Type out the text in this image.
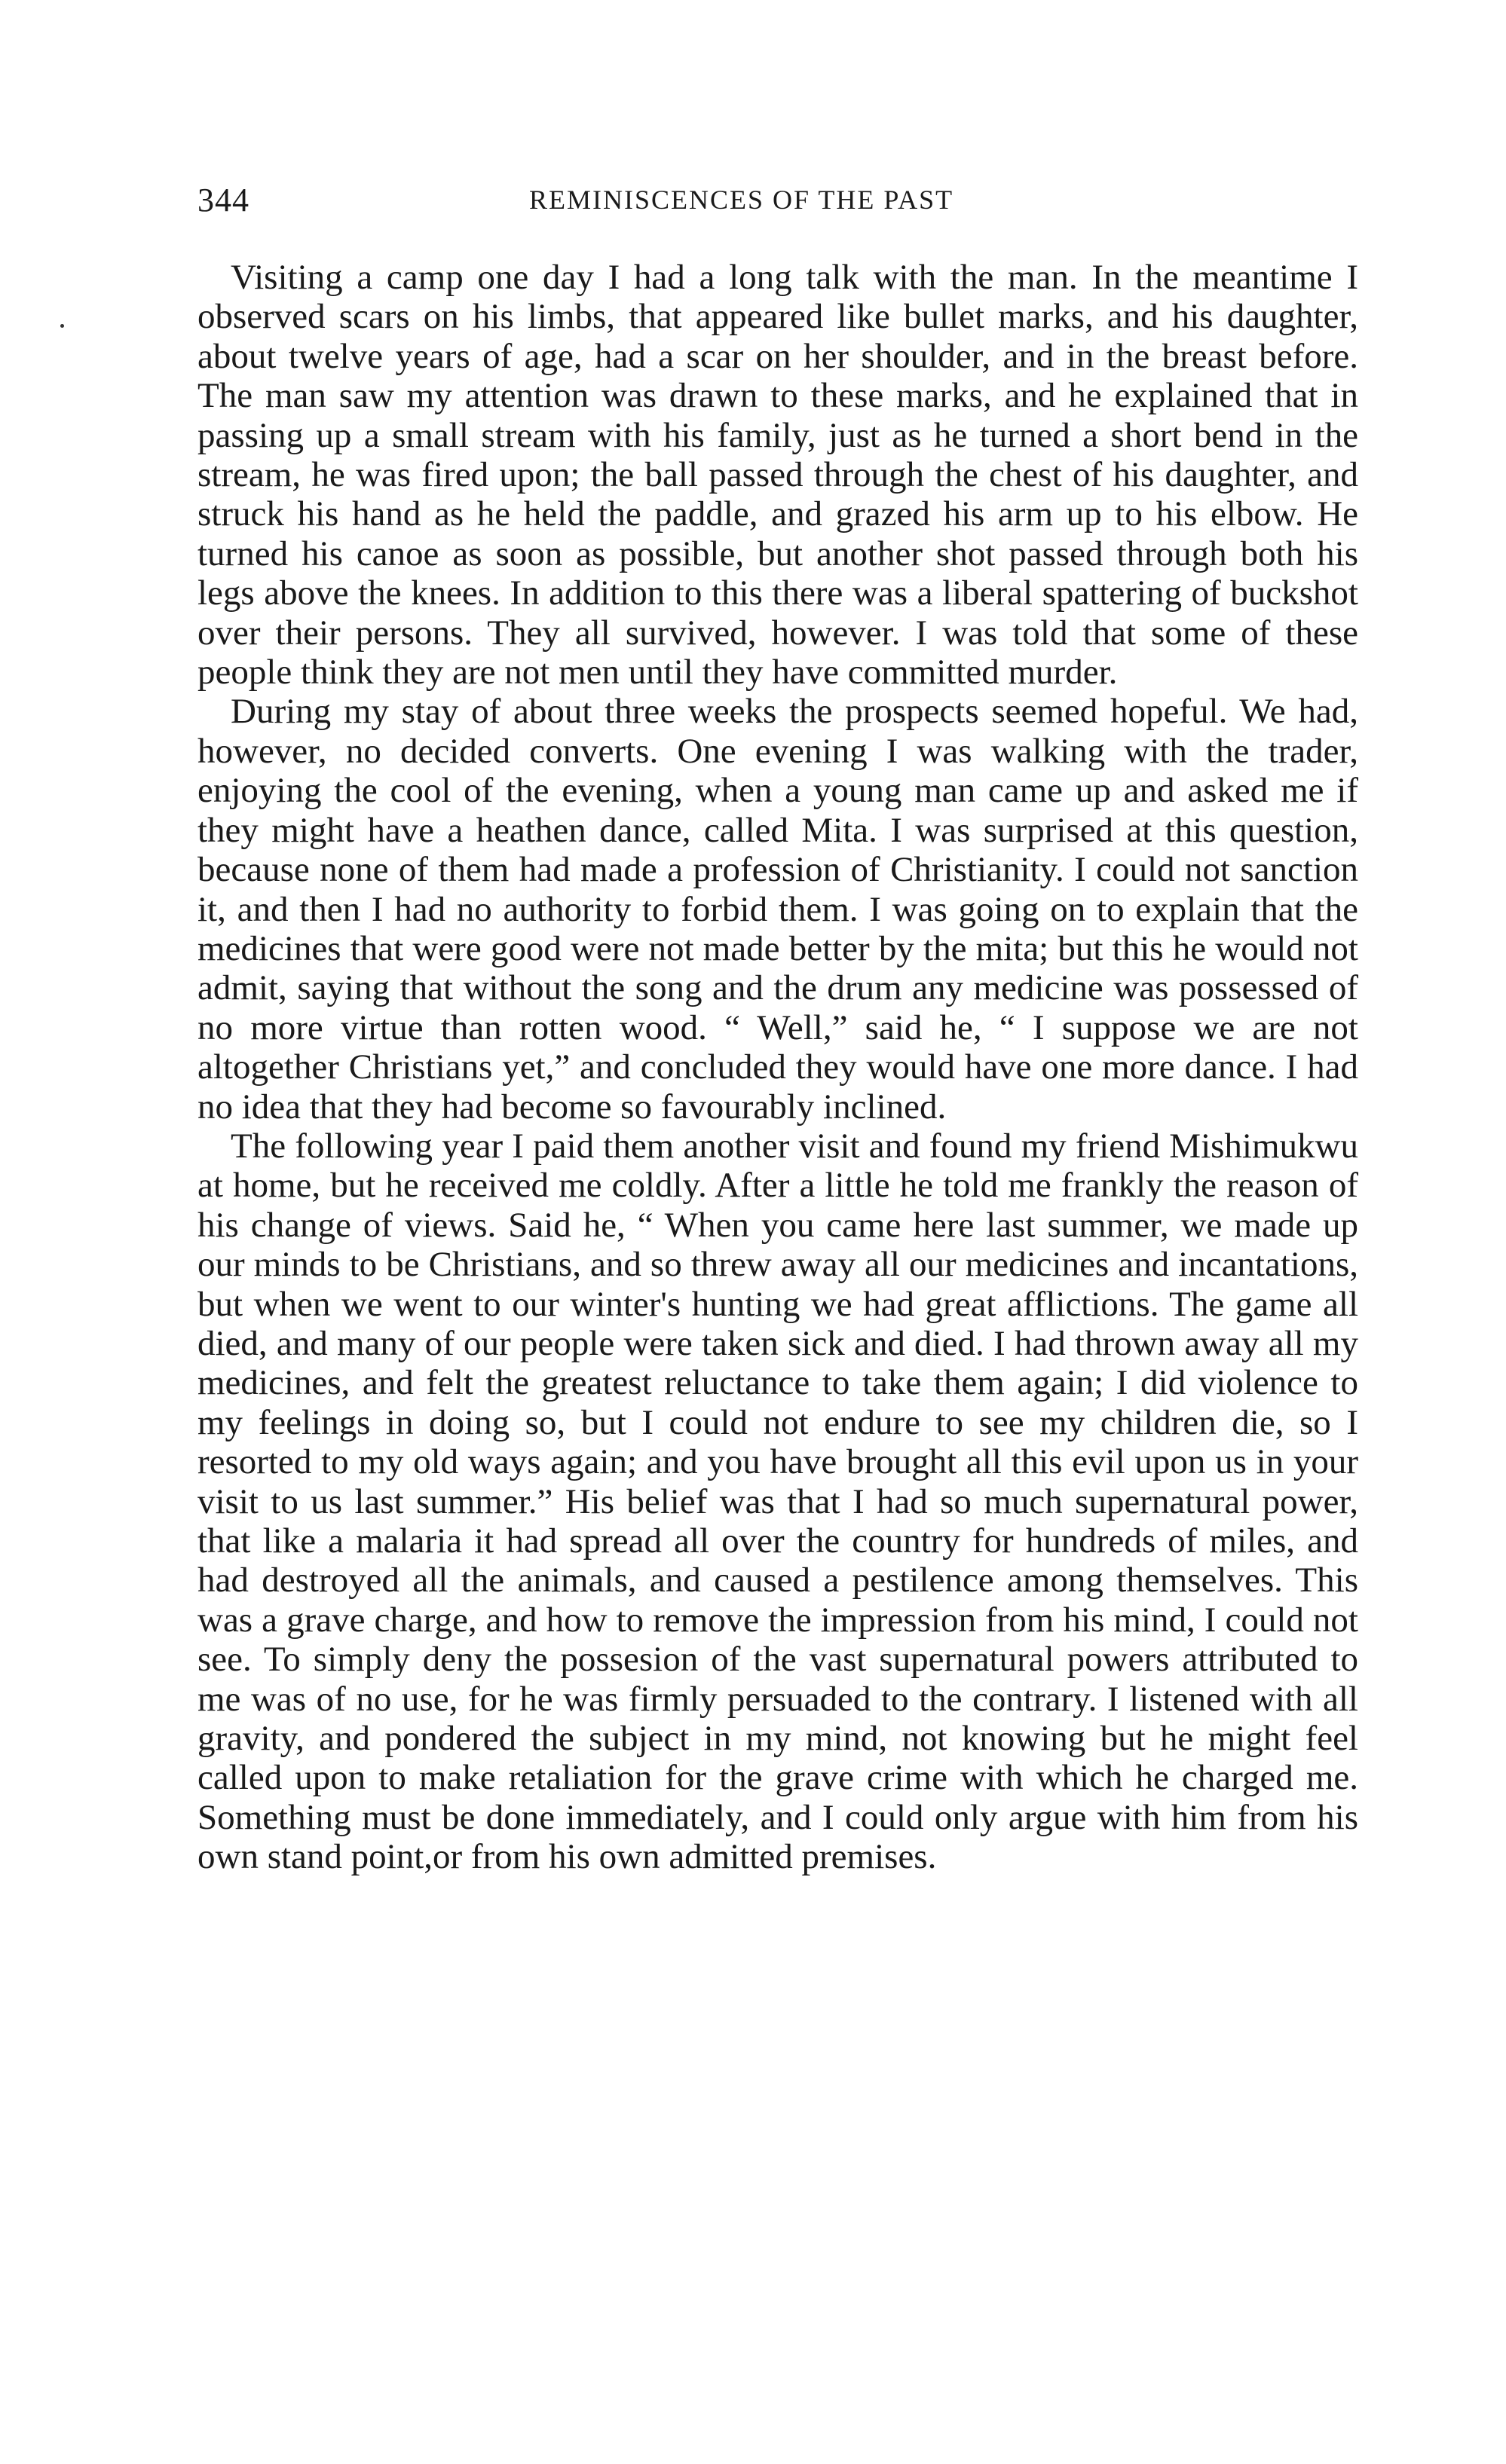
344	REMINISCENCES OF THE PAST

Visiting a camp one day I had a long talk with the man. In the meantime I observed scars on his limbs, that appeared like bullet marks, and his daughter, about twelve years of age, had a scar on her shoulder, and in the breast before. The man saw my attention was drawn to these marks, and he explained that in passing up a small stream with his family, just as he turned a short bend in the stream, he was fired upon; the ball passed through the chest of his daughter, and struck his hand as he held the paddle, and grazed his arm up to his elbow. He turned his canoe as soon as possible, but another shot passed through both his legs above the knees. In addition to this there was a liberal spattering of buckshot over their persons. They all survived, however. I was told that some of these people think they are not men until they have committed murder.

During my stay of about three weeks the prospects seemed hopeful. We had, however, no decided converts. One evening I was walking with the trader, enjoying the cool of the evening, when a young man came up and asked me if they might have a heathen dance, called Mita. I was surprised at this question, because none of them had made a profession of Christianity. I could not sanction it, and then I had no authority to forbid them. I was going on to explain that the medicines that were good were not made better by the mita; but this he would not admit, saying that without the song and the drum any medicine was possessed of no more virtue than rotten wood. “ Well,” said he, “ I suppose we are not altogether Christians yet,” and concluded they would have one more dance. I had no idea that they had become so favourably inclined.

The following year I paid them another visit and found my friend Mishimukwu at home, but he received me coldly. After a little he told me frankly the reason of his change of views. Said he, “ When you came here last summer, we made up our minds to be Christians, and so threw away all our medicines and incantations, but when we went to our winter's hunting we had great afflictions. The game all died, and many of our people were taken sick and died. I had thrown away all my medicines, and felt the greatest reluctance to take them again; I did violence to my feelings in doing so, but I could not endure to see my children die, so I resorted to my old ways again; and you have brought all this evil upon us in your visit to us last summer.” His belief was that I had so much supernatural power, that like a malaria it had spread all over the country for hundreds of miles, and had destroyed all the animals, and caused a pestilence among themselves. This was a grave charge, and how to remove the impression from his mind, I could not see. To simply deny the possesion of the vast supernatural powers attributed to me was of no use, for he was firmly persuaded to the contrary. I listened with all gravity, and pondered the subject in my mind, not knowing but he might feel called upon to make retaliation for the grave crime with which he charged me. Something must be done immediately, and I could only argue with him from his own stand point,or from his own admitted premises.
